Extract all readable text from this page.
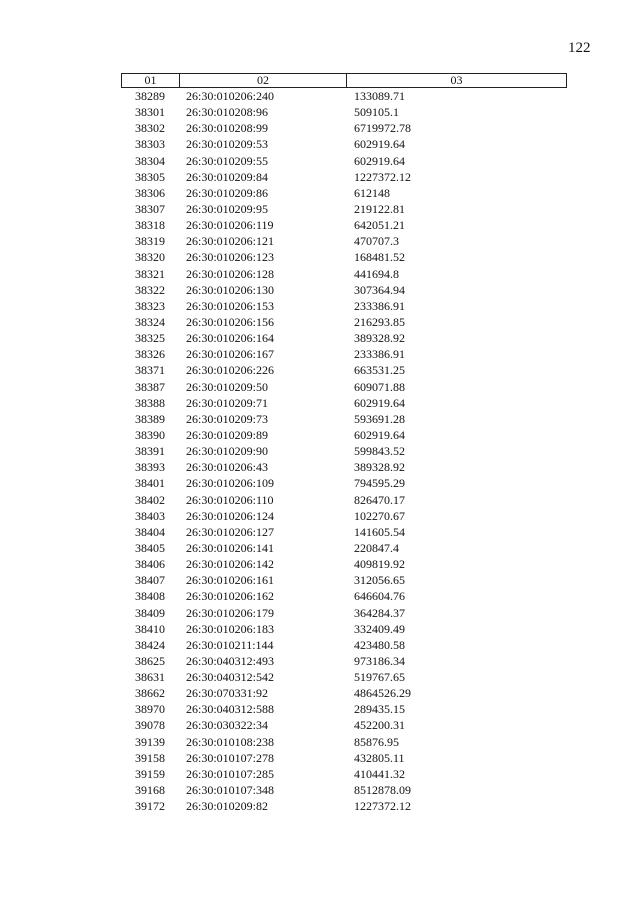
122
01	02	03
38289	26:30:010206:240	133089.71
38301	26:30:010208:96	509105.1
38302	26:30:010208:99	6719972.78
38303	26:30:010209:53	602919.64
38304	26:30:010209:55	602919.64
38305	26:30:010209:84	1227372.12
38306	26:30:010209:86	612148
38307	26:30:010209:95	219122.81
38318	26:30:010206:119	642051.21
38319	26:30:010206:121	470707.3
38320	26:30:010206:123	168481.52
38321	26:30:010206:128	441694.8
38322	26:30:010206:130	307364.94
38323	26:30:010206:153	233386.91
38324	26:30:010206:156	216293.85
38325	26:30:010206:164	389328.92
38326	26:30:010206:167	233386.91
38371	26:30:010206:226	663531.25
38387	26:30:010209:50	609071.88
38388	26:30:010209:71	602919.64
38389	26:30:010209:73	593691.28
38390	26:30:010209:89	602919.64
38391	26:30:010209:90	599843.52
38393	26:30:010206:43	389328.92
38401	26:30:010206:109	794595.29
38402	26:30:010206:110	826470.17
38403	26:30:010206:124	102270.67
38404	26:30:010206:127	141605.54
38405	26:30:010206:141	220847.4
38406	26:30:010206:142	409819.92
38407	26:30:010206:161	312056.65
38408	26:30:010206:162	646604.76
38409	26:30:010206:179	364284.37
38410	26:30:010206:183	332409.49
38424	26:30:010211:144	423480.58
38625	26:30:040312:493	973186.34
38631	26:30:040312:542	519767.65
38662	26:30:070331:92	4864526.29
38970	26:30:040312:588	289435.15
39078	26:30:030322:34	452200.31
39139	26:30:010108:238	85876.95
39158	26:30:010107:278	432805.11
39159	26:30:010107:285	410441.32
39168	26:30:010107:348	8512878.09
39172	26:30:010209:82	1227372.12
